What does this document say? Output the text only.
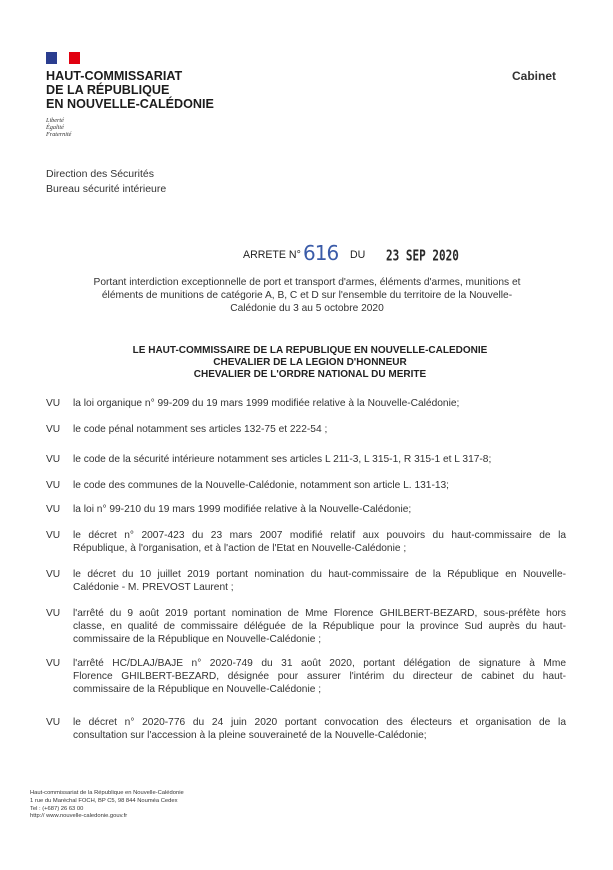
HAUT-COMMISSARIAT
DE LA RÉPUBLIQUE
EN NOUVELLE-CALÉDONIE
Liberté
Égalité
Fraternité
Cabinet
Direction des Sécurités
Bureau sécurité intérieure
ARRETE N° 616 DU 23 SEP 2020
Portant interdiction exceptionnelle de port et transport d'armes, éléments d'armes, munitions et
éléments de munitions de catégorie A, B, C et D sur l'ensemble du territoire de la Nouvelle-
Calédonie du 3 au 5 octobre 2020
LE HAUT-COMMISSAIRE DE LA REPUBLIQUE EN NOUVELLE-CALEDONIE
CHEVALIER DE LA LEGION D'HONNEUR
CHEVALIER DE L'ORDRE NATIONAL DU MERITE
VU la loi organique n° 99-209 du 19 mars 1999 modifiée relative à la Nouvelle-Calédonie;
VU le code pénal notamment ses articles 132-75 et 222-54 ;
VU le code de la sécurité intérieure notamment ses articles L 211-3, L 315-1, R 315-1 et L 317-8;
VU le code des communes de la Nouvelle-Calédonie, notamment son article L. 131-13;
VU la loi n° 99-210 du 19 mars 1999 modifiée relative à la Nouvelle-Calédonie;
VU le décret n° 2007-423 du 23 mars 2007 modifié relatif aux pouvoirs du haut-commissaire de la
République, à l'organisation, et à l'action de l'Etat en Nouvelle-Calédonie ;
VU le décret du 10 juillet 2019 portant nomination du haut-commissaire de la République en Nouvelle-
Calédonie - M. PREVOST Laurent ;
VU l'arrêté du 9 août 2019 portant nomination de Mme Florence GHILBERT-BEZARD, sous-préfète hors
classe, en qualité de commissaire déléguée de la République pour la province Sud auprès du haut-
commissaire de la République en Nouvelle-Calédonie ;
VU l'arrêté HC/DLAJ/BAJE n° 2020-749 du 31 août 2020, portant délégation de signature à Mme
Florence GHILBERT-BEZARD, désignée pour assurer l'intérim du directeur de cabinet du haut-
commissaire de la République en Nouvelle-Calédonie ;
VU le décret n° 2020-776 du 24 juin 2020 portant convocation des électeurs et organisation de la
consultation sur l'accession à la pleine souveraineté de la Nouvelle-Calédonie;
Haut-commissariat de la République en Nouvelle-Calédonie
1 rue du Maréchal FOCH, BP C5, 98 844 Nouméa Cedex
Tel : (+687) 26 63 00
http:// www.nouvelle-caledonie.gouv.fr
